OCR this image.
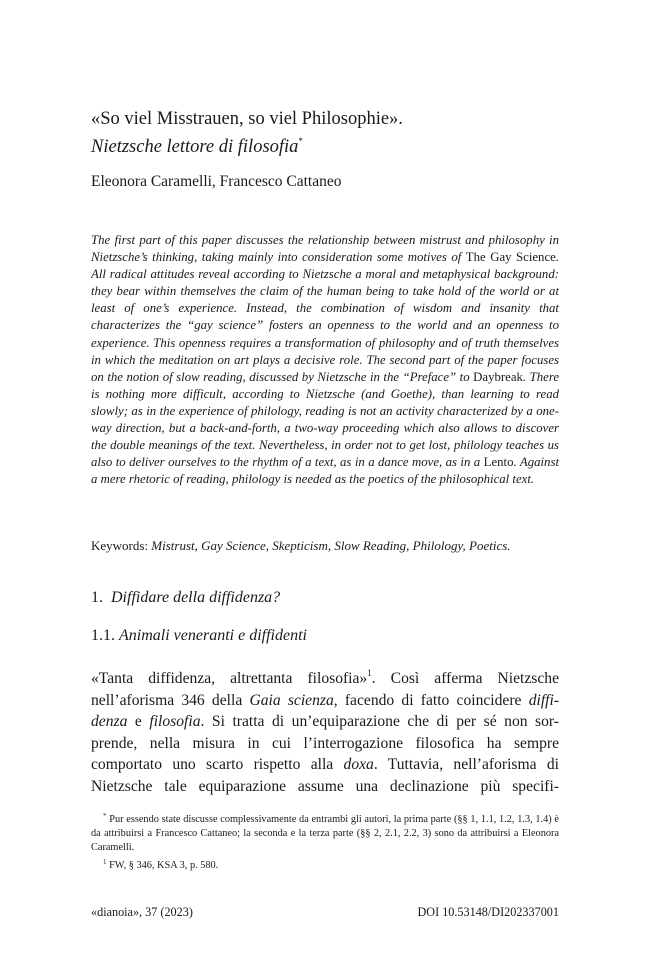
«So viel Misstrauen, so viel Philosophie».
Nietzsche lettore di filosofia*
Eleonora Caramelli, Francesco Cattaneo
The first part of this paper discusses the relationship between mistrust and philosophy in Nietzsche’s thinking, taking mainly into consideration some motives of The Gay Science. All radical attitudes reveal according to Nietzsche a moral and metaphysical background: they bear within themselves the claim of the human being to take hold of the world or at least of one’s experience. Instead, the combination of wisdom and insanity that characterizes the “gay science” fosters an openness to the world and an openness to experience. This openness requires a transformation of philosophy and of truth themselves in which the meditation on art plays a decisive role. The second part of the paper focuses on the notion of slow reading, discussed by Nietzsche in the “Preface” to Daybreak. There is nothing more difficult, according to Nietzsche (and Goethe), than learning to read slowly; as in the experience of philology, reading is not an activity characterized by a one-way direction, but a back-and-forth, a two-way proceeding which also allows to discover the double meanings of the text. Nevertheless, in order not to get lost, philology teaches us also to deliver ourselves to the rhythm of a text, as in a dance move, as in a Lento. Against a mere rhetoric of reading, philology is needed as the poetics of the philosophical text.
Keywords: Mistrust, Gay Science, Skepticism, Slow Reading, Philology, Poetics.
1. Diffidare della diffidenza?
1.1. Animali veneranti e diffidenti
«Tanta diffidenza, altrettanta filosofia»$^1$. Così afferma Nietzsche
nell’aforisma 346 della Gaia scienza, facendo di fatto coincidere diffi-
denza e filosofia. Si tratta di un’equiparazione che di per sé non sor-
prende, nella misura in cui l’interrogazione filosofica ha sempre
comportato uno scarto rispetto alla doxa. Tuttavia, nell’aforisma di
Nietzsche tale equiparazione assume una declinazione più specifi-
* Pur essendo state discusse complessivamente da entrambi gli autori, la prima parte (§§ 1, 1.1, 1.2, 1.3, 1.4) è da attribuirsi a Francesco Cattaneo; la seconda e la terza parte (§§ 2, 2.1, 2.2, 3) sono da attribuirsi a Eleonora Caramelli.
$^1$ FW, § 346, KSA 3, p. 580.
«dianoia», 37 (2023)	DOI 10.53148/DI202337001
